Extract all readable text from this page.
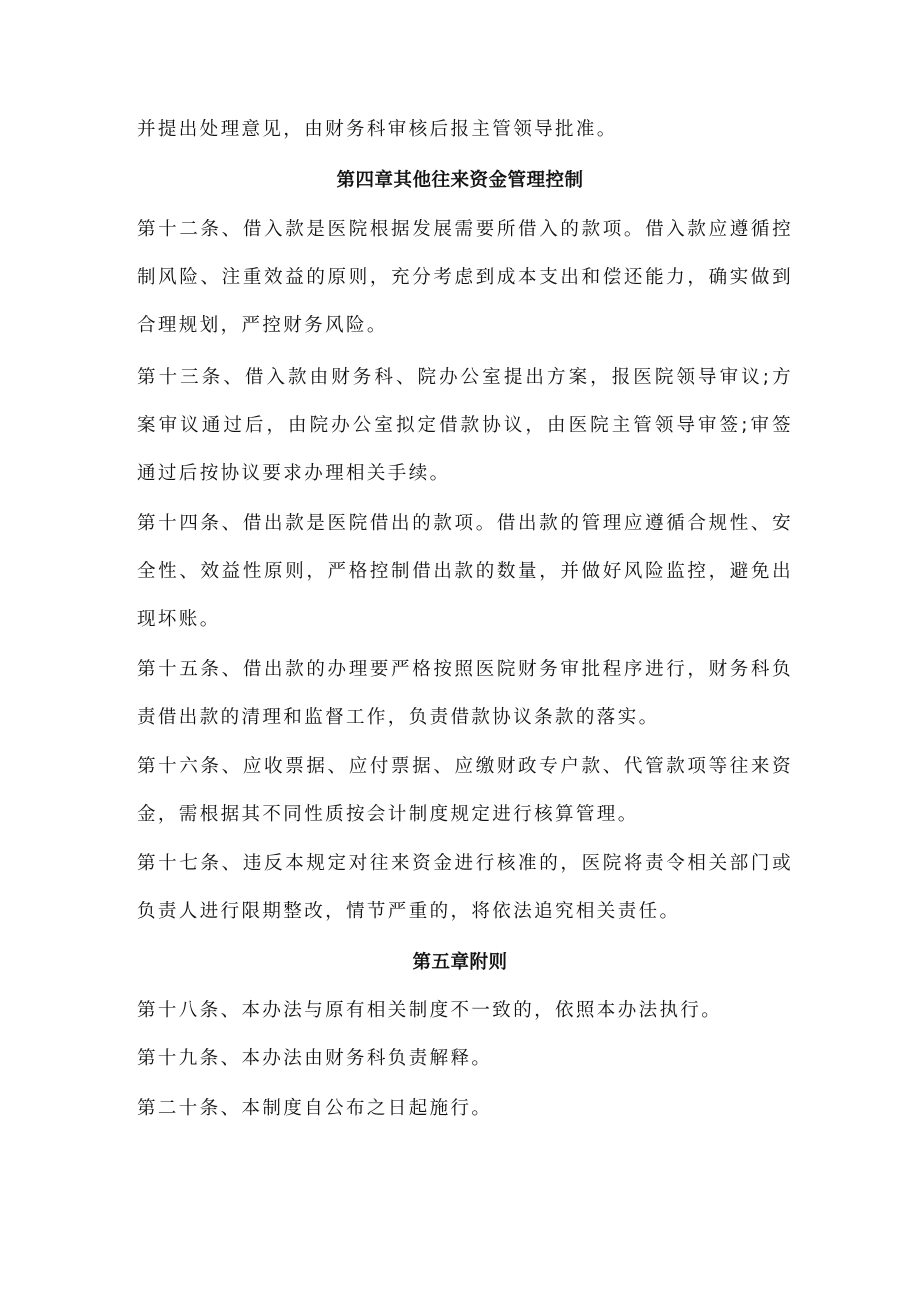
并提出处理意见，由财务科审核后报主管领导批准。

第四章其他往来资金管理控制

第十二条、借入款是医院根据发展需要所借入的款项。借入款应遵循控制风险、注重效益的原则，充分考虑到成本支出和偿还能力，确实做到合理规划，严控财务风险。

第十三条、借入款由财务科、院办公室提出方案，报医院领导审议;方案审议通过后，由院办公室拟定借款协议，由医院主管领导审签;审签通过后按协议要求办理相关手续。

第十四条、借出款是医院借出的款项。借出款的管理应遵循合规性、安全性、效益性原则，严格控制借出款的数量，并做好风险监控，避免出现坏账。

第十五条、借出款的办理要严格按照医院财务审批程序进行，财务科负责借出款的清理和监督工作，负责借款协议条款的落实。

第十六条、应收票据、应付票据、应缴财政专户款、代管款项等往来资金，需根据其不同性质按会计制度规定进行核算管理。

第十七条、违反本规定对往来资金进行核准的，医院将责令相关部门或负责人进行限期整改，情节严重的，将依法追究相关责任。

第五章附则

第十八条、本办法与原有相关制度不一致的，依照本办法执行。

第十九条、本办法由财务科负责解释。

第二十条、本制度自公布之日起施行。
